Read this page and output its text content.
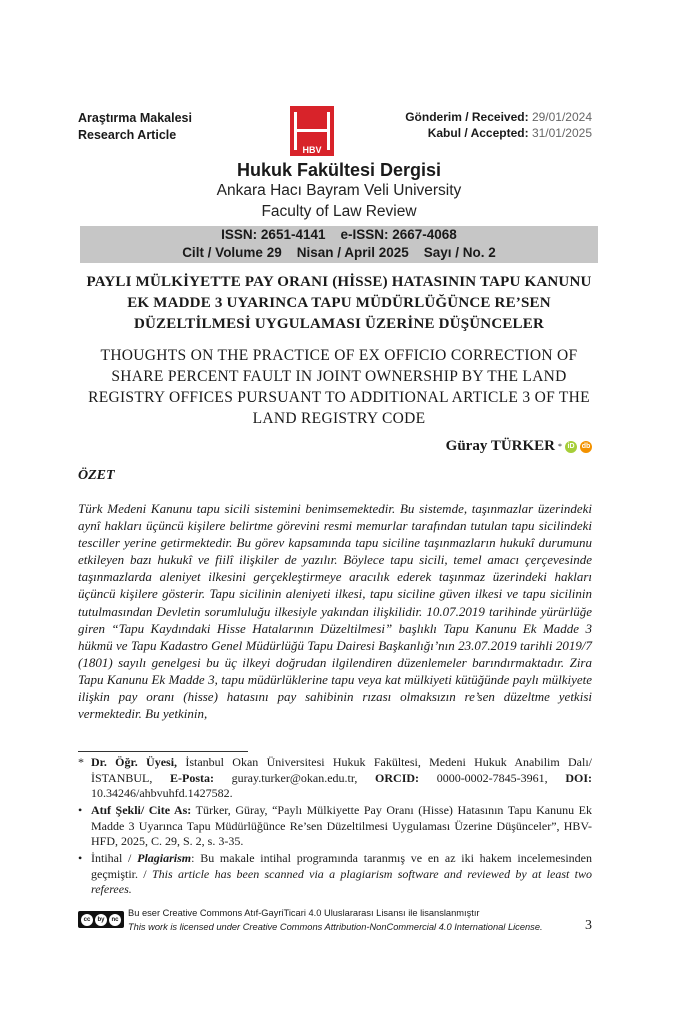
Araştırma Makalesi
Research Article
Gönderim / Received: 29/01/2024
Kabul / Accepted: 31/01/2025
HBV
Hukuk Fakültesi Dergisi
Ankara Hacı Bayram Veli University
Faculty of Law Review
ISSN: 2651-4141    e-ISSN: 2667-4068
Cilt / Volume 29    Nisan / April 2025    Sayı / No. 2
PAYLI MÜLKİYETTE PAY ORANI (HİSSE) HATASININ TAPU KANUNU EK MADDE 3 UYARINCA TAPU MÜDÜRLÜĞÜNCE RE’SEN DÜZELTİLMESİ UYGULAMASI ÜZERİNE DÜŞÜNCELER
THOUGHTS ON THE PRACTICE OF EX OFFICIO CORRECTION OF SHARE PERCENT FAULT IN JOINT OWNERSHIP BY THE LAND REGISTRY OFFICES PURSUANT TO ADDITIONAL ARTICLE 3 OF THE LAND REGISTRY CODE
Güray TÜRKER * iD	db
ÖZET
Türk Medeni Kanunu tapu sicili sistemini benimsemektedir. Bu sistemde, taşınmazlar üzerindeki aynî hakları üçüncü kişilere belirtme görevini resmi memurlar tarafından tutulan tapu sicilindeki tesciller yerine getirmektedir. Bu görev kapsamında tapu siciline taşınmazların hukukî durumunu etkileyen bazı hukukî ve fiilî ilişkiler de yazılır. Böylece tapu sicili, temel amacı çerçevesinde taşınmazlarda aleniyet ilkesini gerçekleştirmeye aracılık ederek taşınmaz üzerindeki hakları üçüncü kişilere gösterir. Tapu sicilinin aleniyeti ilkesi, tapu siciline güven ilkesi ve tapu sicilinin tutulmasından Devletin sorumluluğu ilkesiyle yakından ilişkilidir. 10.07.2019 tarihinde yürürlüğe giren “Tapu Kaydındaki Hisse Hatalarının Düzeltilmesi” başlıklı Tapu Kanunu Ek Madde 3 hükmü ve Tapu Kadastro Genel Müdürlüğü Tapu Dairesi Başkanlığı’nın 23.07.2019 tarihli 2019/7 (1801) sayılı genelgesi bu üç ilkeyi doğrudan ilgilendiren düzenlemeler barındırmaktadır. Zira Tapu Kanunu Ek Madde 3, tapu müdürlüklerine tapu veya kat mülkiyeti kütüğünde paylı mülkiyete ilişkin pay oranı (hisse) hatasını pay sahibinin rızası olmaksızın re’sen düzeltme yetkisi vermektedir. Bu yetkinin,
* Dr. Öğr. Üyesi, İstanbul Okan Üniversitesi Hukuk Fakültesi, Medeni Hukuk Anabilim Dalı/ İSTANBUL, E-Posta: guray.turker@okan.edu.tr, ORCID: 0000-0002-7845-3961, DOI: 10.34246/ahbvuhfd.1427582.
• Atıf Şekli/ Cite As: Türker, Güray, “Paylı Mülkiyette Pay Oranı (Hisse) Hatasının Tapu Kanunu Ek Madde 3 Uyarınca Tapu Müdürlüğünce Re’sen Düzeltilmesi Uygulaması Üzerine Düşünceler”, HBV-HFD, 2025, C. 29, S. 2, s. 3-35.
• İntihal / Plagiarism: Bu makale intihal programında taranmış ve en az iki hakem incelemesinden geçmiştir. / This article has been scanned via a plagiarism software and reviewed by at least two referees.
cc	by	nc
Bu eser Creative Commons Atıf-GayriTicari 4.0 Uluslararası Lisansı ile lisanslanmıştır
This work is licensed under Creative Commons Attribution-NonCommercial 4.0 International License.	3
